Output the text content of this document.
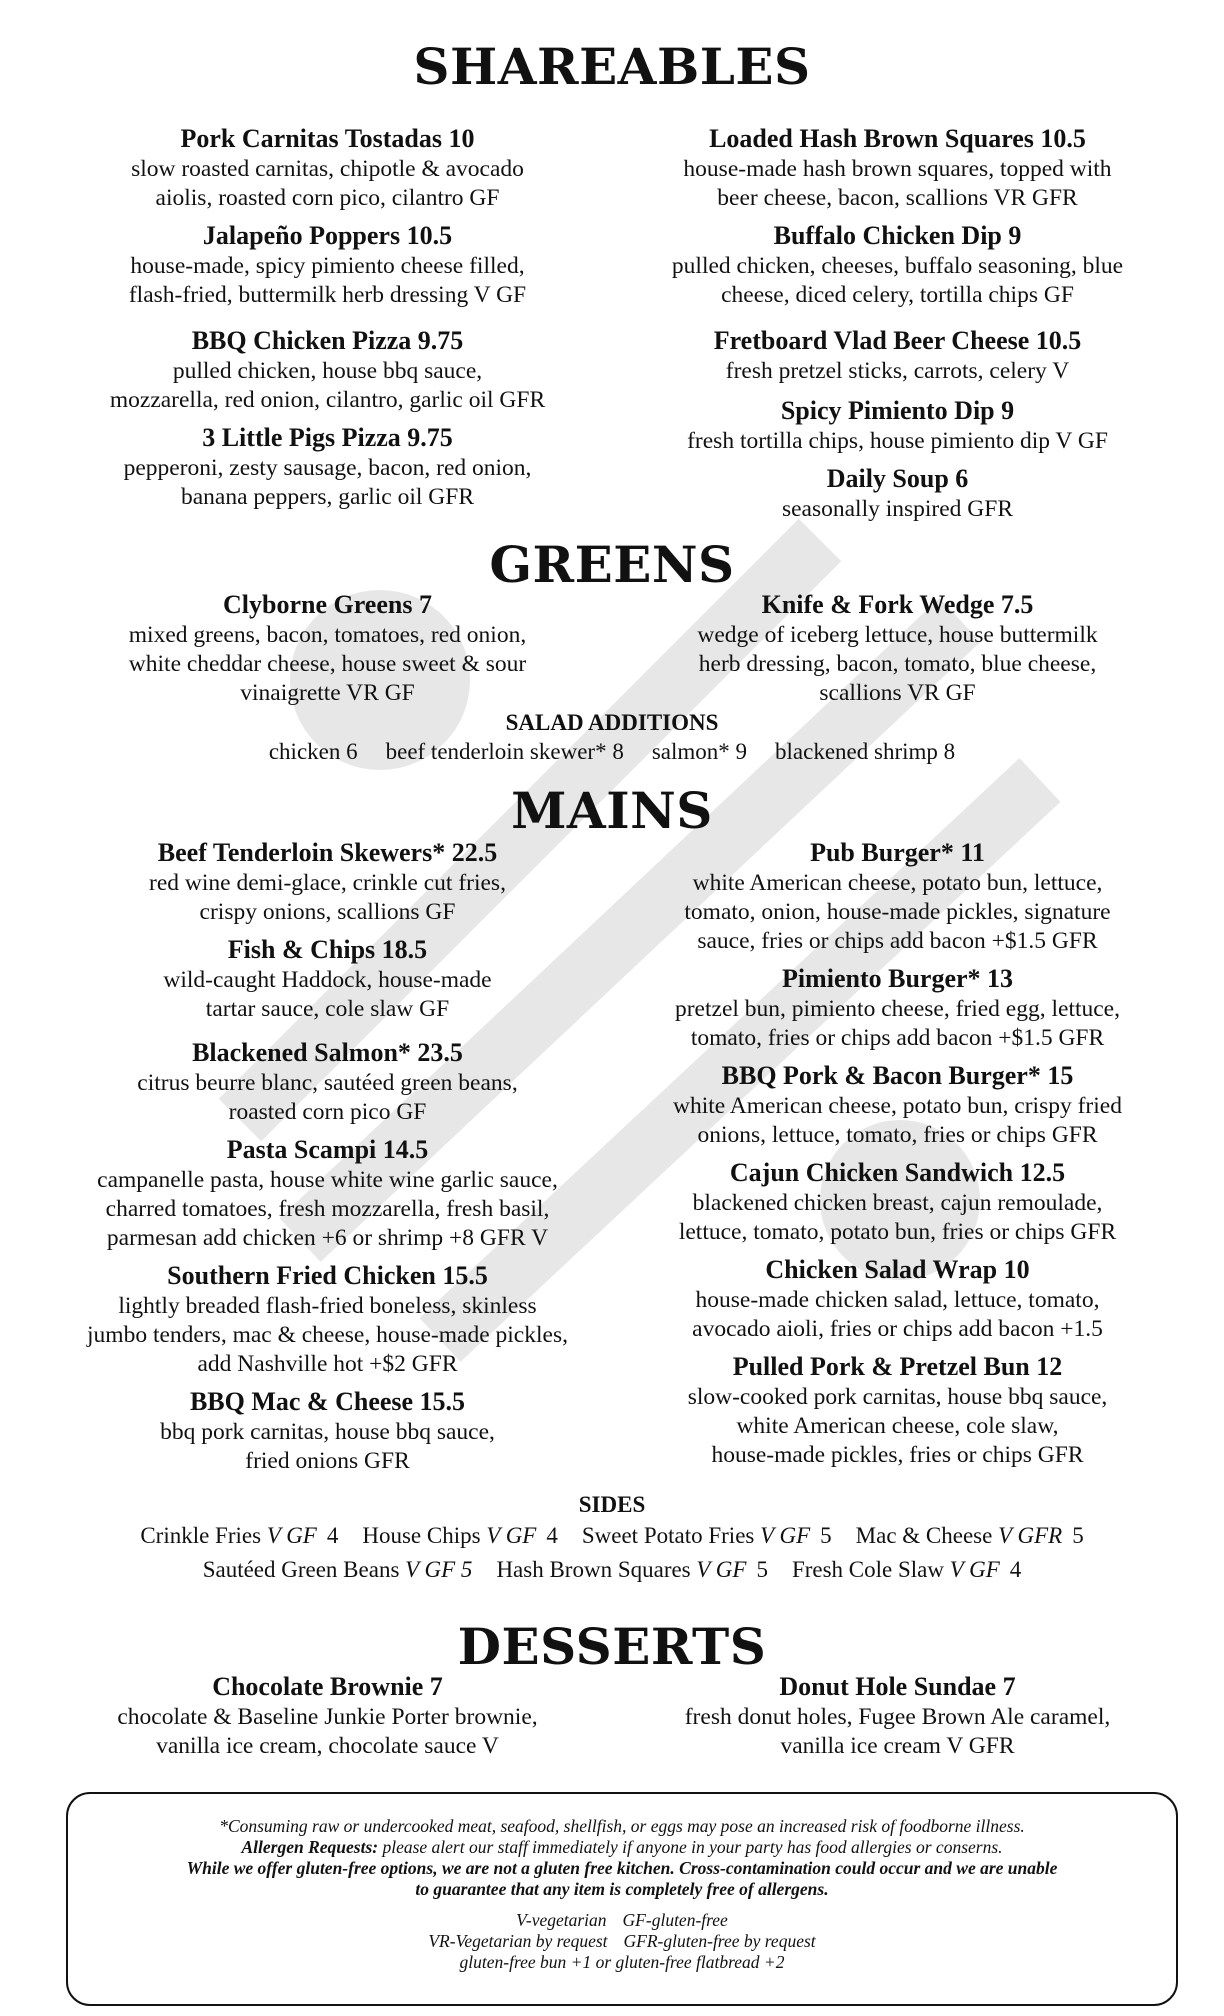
SHAREABLES
Pork Carnitas Tostadas 10
slow roasted carnitas, chipotle & avocado
aiolis, roasted corn pico, cilantro GF
Jalapeño Poppers 10.5
house-made, spicy pimiento cheese filled,
flash-fried, buttermilk herb dressing V GF
BBQ Chicken Pizza 9.75
pulled chicken, house bbq sauce,
mozzarella, red onion, cilantro, garlic oil GFR
3 Little Pigs Pizza 9.75
pepperoni, zesty sausage, bacon, red onion,
banana peppers, garlic oil GFR
Loaded Hash Brown Squares 10.5
house-made hash brown squares, topped with
beer cheese, bacon, scallions VR GFR
Buffalo Chicken Dip 9
pulled chicken, cheeses, buffalo seasoning, blue
cheese, diced celery, tortilla chips GF
Fretboard Vlad Beer Cheese 10.5
fresh pretzel sticks, carrots, celery V
Spicy Pimiento Dip 9
fresh tortilla chips, house pimiento dip V GF
Daily Soup 6
seasonally inspired GFR
GREENS
Clyborne Greens 7
mixed greens, bacon, tomatoes, red onion,
white cheddar cheese, house sweet & sour
vinaigrette VR GF
Knife & Fork Wedge 7.5
wedge of iceberg lettuce, house buttermilk
herb dressing, bacon, tomato, blue cheese,
scallions VR GF
SALAD ADDITIONS
chicken 6 beef tenderloin skewer* 8 salmon* 9 blackened shrimp 8
MAINS
Beef Tenderloin Skewers* 22.5
red wine demi-glace, crinkle cut fries,
crispy onions, scallions GF
Fish & Chips 18.5
wild-caught Haddock, house-made
tartar sauce, cole slaw GF
Blackened Salmon* 23.5
citrus beurre blanc, sautéed green beans,
roasted corn pico GF
Pasta Scampi 14.5
campanelle pasta, house white wine garlic sauce,
charred tomatoes, fresh mozzarella, fresh basil,
parmesan add chicken +6 or shrimp +8 GFR V
Southern Fried Chicken 15.5
lightly breaded flash-fried boneless, skinless
jumbo tenders, mac & cheese, house-made pickles,
add Nashville hot +$2 GFR
BBQ Mac & Cheese 15.5
bbq pork carnitas, house bbq sauce,
fried onions GFR
Pub Burger* 11
white American cheese, potato bun, lettuce,
tomato, onion, house-made pickles, signature
sauce, fries or chips add bacon +$1.5 GFR
Pimiento Burger* 13
pretzel bun, pimiento cheese, fried egg, lettuce,
tomato, fries or chips add bacon +$1.5 GFR
BBQ Pork & Bacon Burger* 15
white American cheese, potato bun, crispy fried
onions, lettuce, tomato, fries or chips GFR
Cajun Chicken Sandwich 12.5
blackened chicken breast, cajun remoulade,
lettuce, tomato, potato bun, fries or chips GFR
Chicken Salad Wrap 10
house-made chicken salad, lettuce, tomato,
avocado aioli, fries or chips add bacon +1.5
Pulled Pork & Pretzel Bun 12
slow-cooked pork carnitas, house bbq sauce,
white American cheese, cole slaw,
house-made pickles, fries or chips GFR
SIDES
Crinkle Fries V GF 4 House Chips V GF 4 Sweet Potato Fries V GF 5 Mac & Cheese V GFR 5
Sautéed Green Beans V GF 5 Hash Brown Squares V GF 5 Fresh Cole Slaw V GF 4
DESSERTS
Chocolate Brownie 7
chocolate & Baseline Junkie Porter brownie,
vanilla ice cream, chocolate sauce V
Donut Hole Sundae 7
fresh donut holes, Fugee Brown Ale caramel,
vanilla ice cream V GFR

*Consuming raw or undercooked meat, seafood, shellfish, or eggs may pose an increased risk of foodborne illness.

Allergen Requests: please alert our staff immediately if anyone in your party has food allergies or conserns.

While we offer gluten-free options, we are not a gluten free kitchen. Cross-contamination could occur and we are unable

to guarantee that any item is completely free of allergens.

V-vegetarian GF-gluten-free

VR-Vegetarian by request GFR-gluten-free by request

gluten-free bun +1 or gluten-free flatbread +2
